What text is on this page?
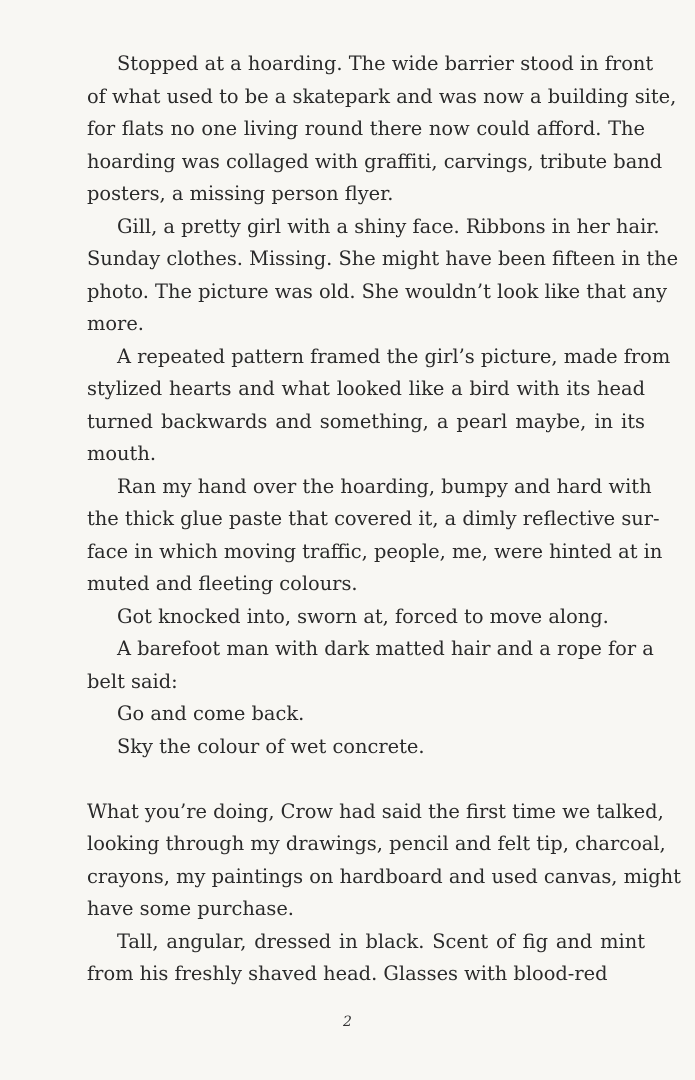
Stopped at a hoarding. The wide barrier stood in front
of what used to be a skatepark and was now a building site,
for flats no one living round there now could afford. The
hoarding was collaged with graffiti, carvings, tribute band
posters, a missing person flyer.
Gill, a pretty girl with a shiny face. Ribbons in her hair.
Sunday clothes. Missing. She might have been fifteen in the
photo. The picture was old. She wouldn’t look like that any
more.
A repeated pattern framed the girl’s picture, made from
stylized hearts and what looked like a bird with its head
turned backwards and something, a pearl maybe, in its
mouth.
Ran my hand over the hoarding, bumpy and hard with
the thick glue paste that covered it, a dimly reflective sur-
face in which moving traffic, people, me, were hinted at in
muted and fleeting colours.
Got knocked into, sworn at, forced to move along.
A barefoot man with dark matted hair and a rope for a
belt said:
Go and come back.
Sky the colour of wet concrete.
What you’re doing, Crow had said the first time we talked,
looking through my drawings, pencil and felt tip, charcoal,
crayons, my paintings on hardboard and used canvas, might
have some purchase.
Tall, angular, dressed in black. Scent of fig and mint
from his freshly shaved head. Glasses with blood-red
2
